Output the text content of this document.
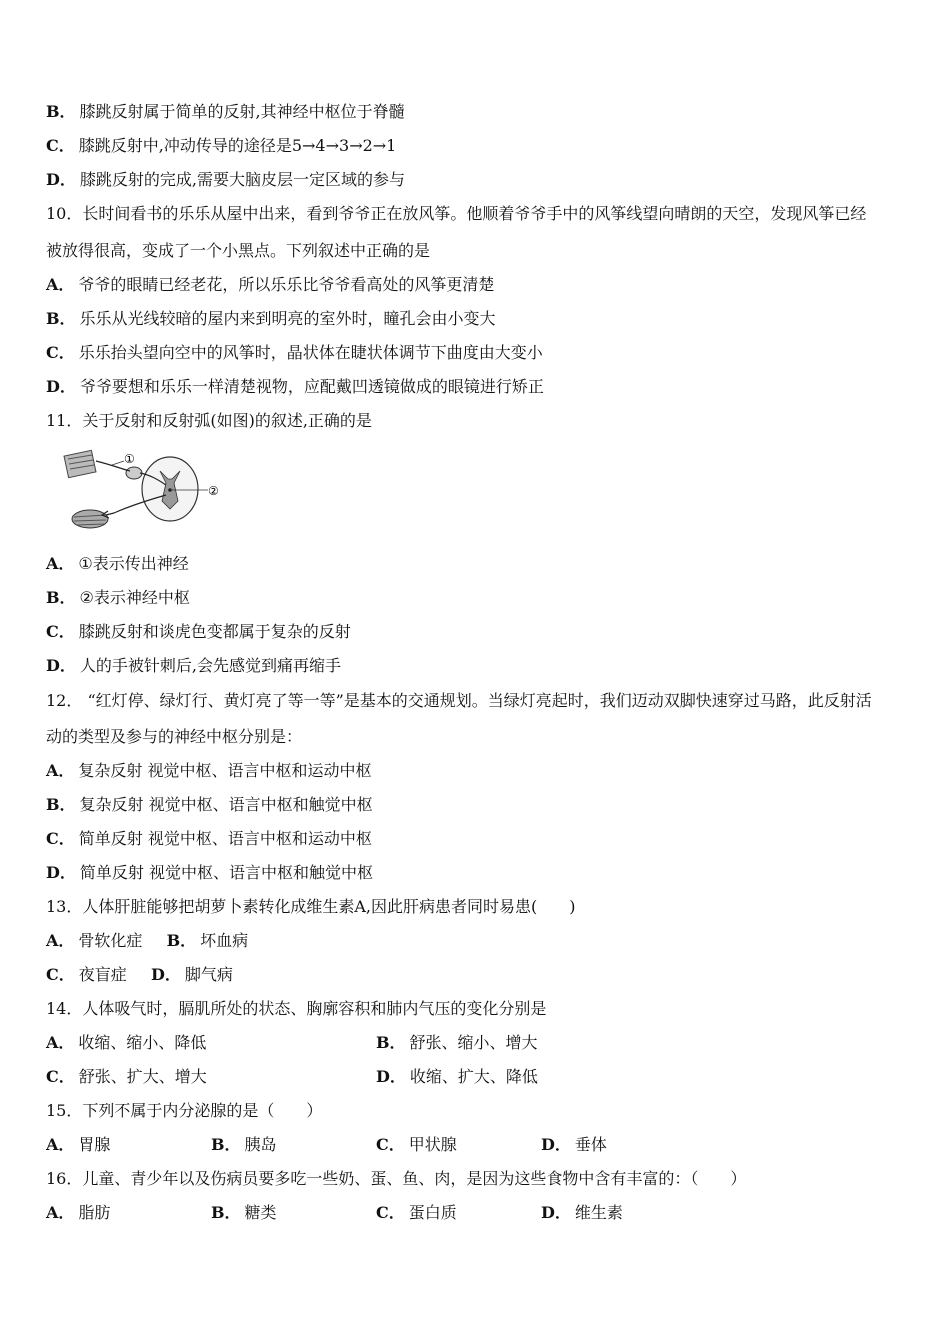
B． 膝跳反射属于简单的反射,其神经中枢位于脊髓
C． 膝跳反射中,冲动传导的途径是5→4→3→2→1
D． 膝跳反射的完成,需要大脑皮层一定区域的参与
10．长时间看书的乐乐从屋中出来，看到爷爷正在放风筝。他顺着爷爷手中的风筝线望向晴朗的天空，发现风筝已经
被放得很高，变成了一个小黑点。下列叙述中正确的是
A． 爷爷的眼睛已经老花，所以乐乐比爷爷看高处的风筝更清楚
B． 乐乐从光线较暗的屋内来到明亮的室外时，瞳孔会由小变大
C． 乐乐抬头望向空中的风筝时，晶状体在睫状体调节下曲度由大变小
D． 爷爷要想和乐乐一样清楚视物，应配戴凹透镜做成的眼镜进行矫正
11．关于反射和反射弧(如图)的叙述,正确的是
①
②
A． ①表示传出神经
B． ②表示神经中枢
C． 膝跳反射和谈虎色变都属于复杂的反射
D． 人的手被针刺后,会先感觉到痛再缩手
12． “红灯停、绿灯行、黄灯亮了等一等”是基本的交通规划。当绿灯亮起时，我们迈动双脚快速穿过马路，此反射活
动的类型及参与的神经中枢分别是：
A． 复杂反射 视觉中枢、语言中枢和运动中枢
B． 复杂反射 视觉中枢、语言中枢和触觉中枢
C． 简单反射 视觉中枢、语言中枢和运动中枢
D． 简单反射 视觉中枢、语言中枢和触觉中枢
13．人体肝脏能够把胡萝卜素转化成维生素A,因此肝病患者同时易患(　　)
A． 骨软化症 B． 坏血病
C． 夜盲症 D． 脚气病
14．人体吸气时，膈肌所处的状态、胸廓容积和肺内气压的变化分别是
A． 收缩、缩小、降低	B． 舒张、缩小、增大
C． 舒张、扩大、增大	D． 收缩、扩大、降低
15．下列不属于内分泌腺的是（　　）
A． 胃腺	B． 胰岛	C． 甲状腺	D． 垂体
16．儿童、青少年以及伤病员要多吃一些奶、蛋、鱼、肉，是因为这些食物中含有丰富的：（　　）
A． 脂肪	B． 糖类	C． 蛋白质	D． 维生素
